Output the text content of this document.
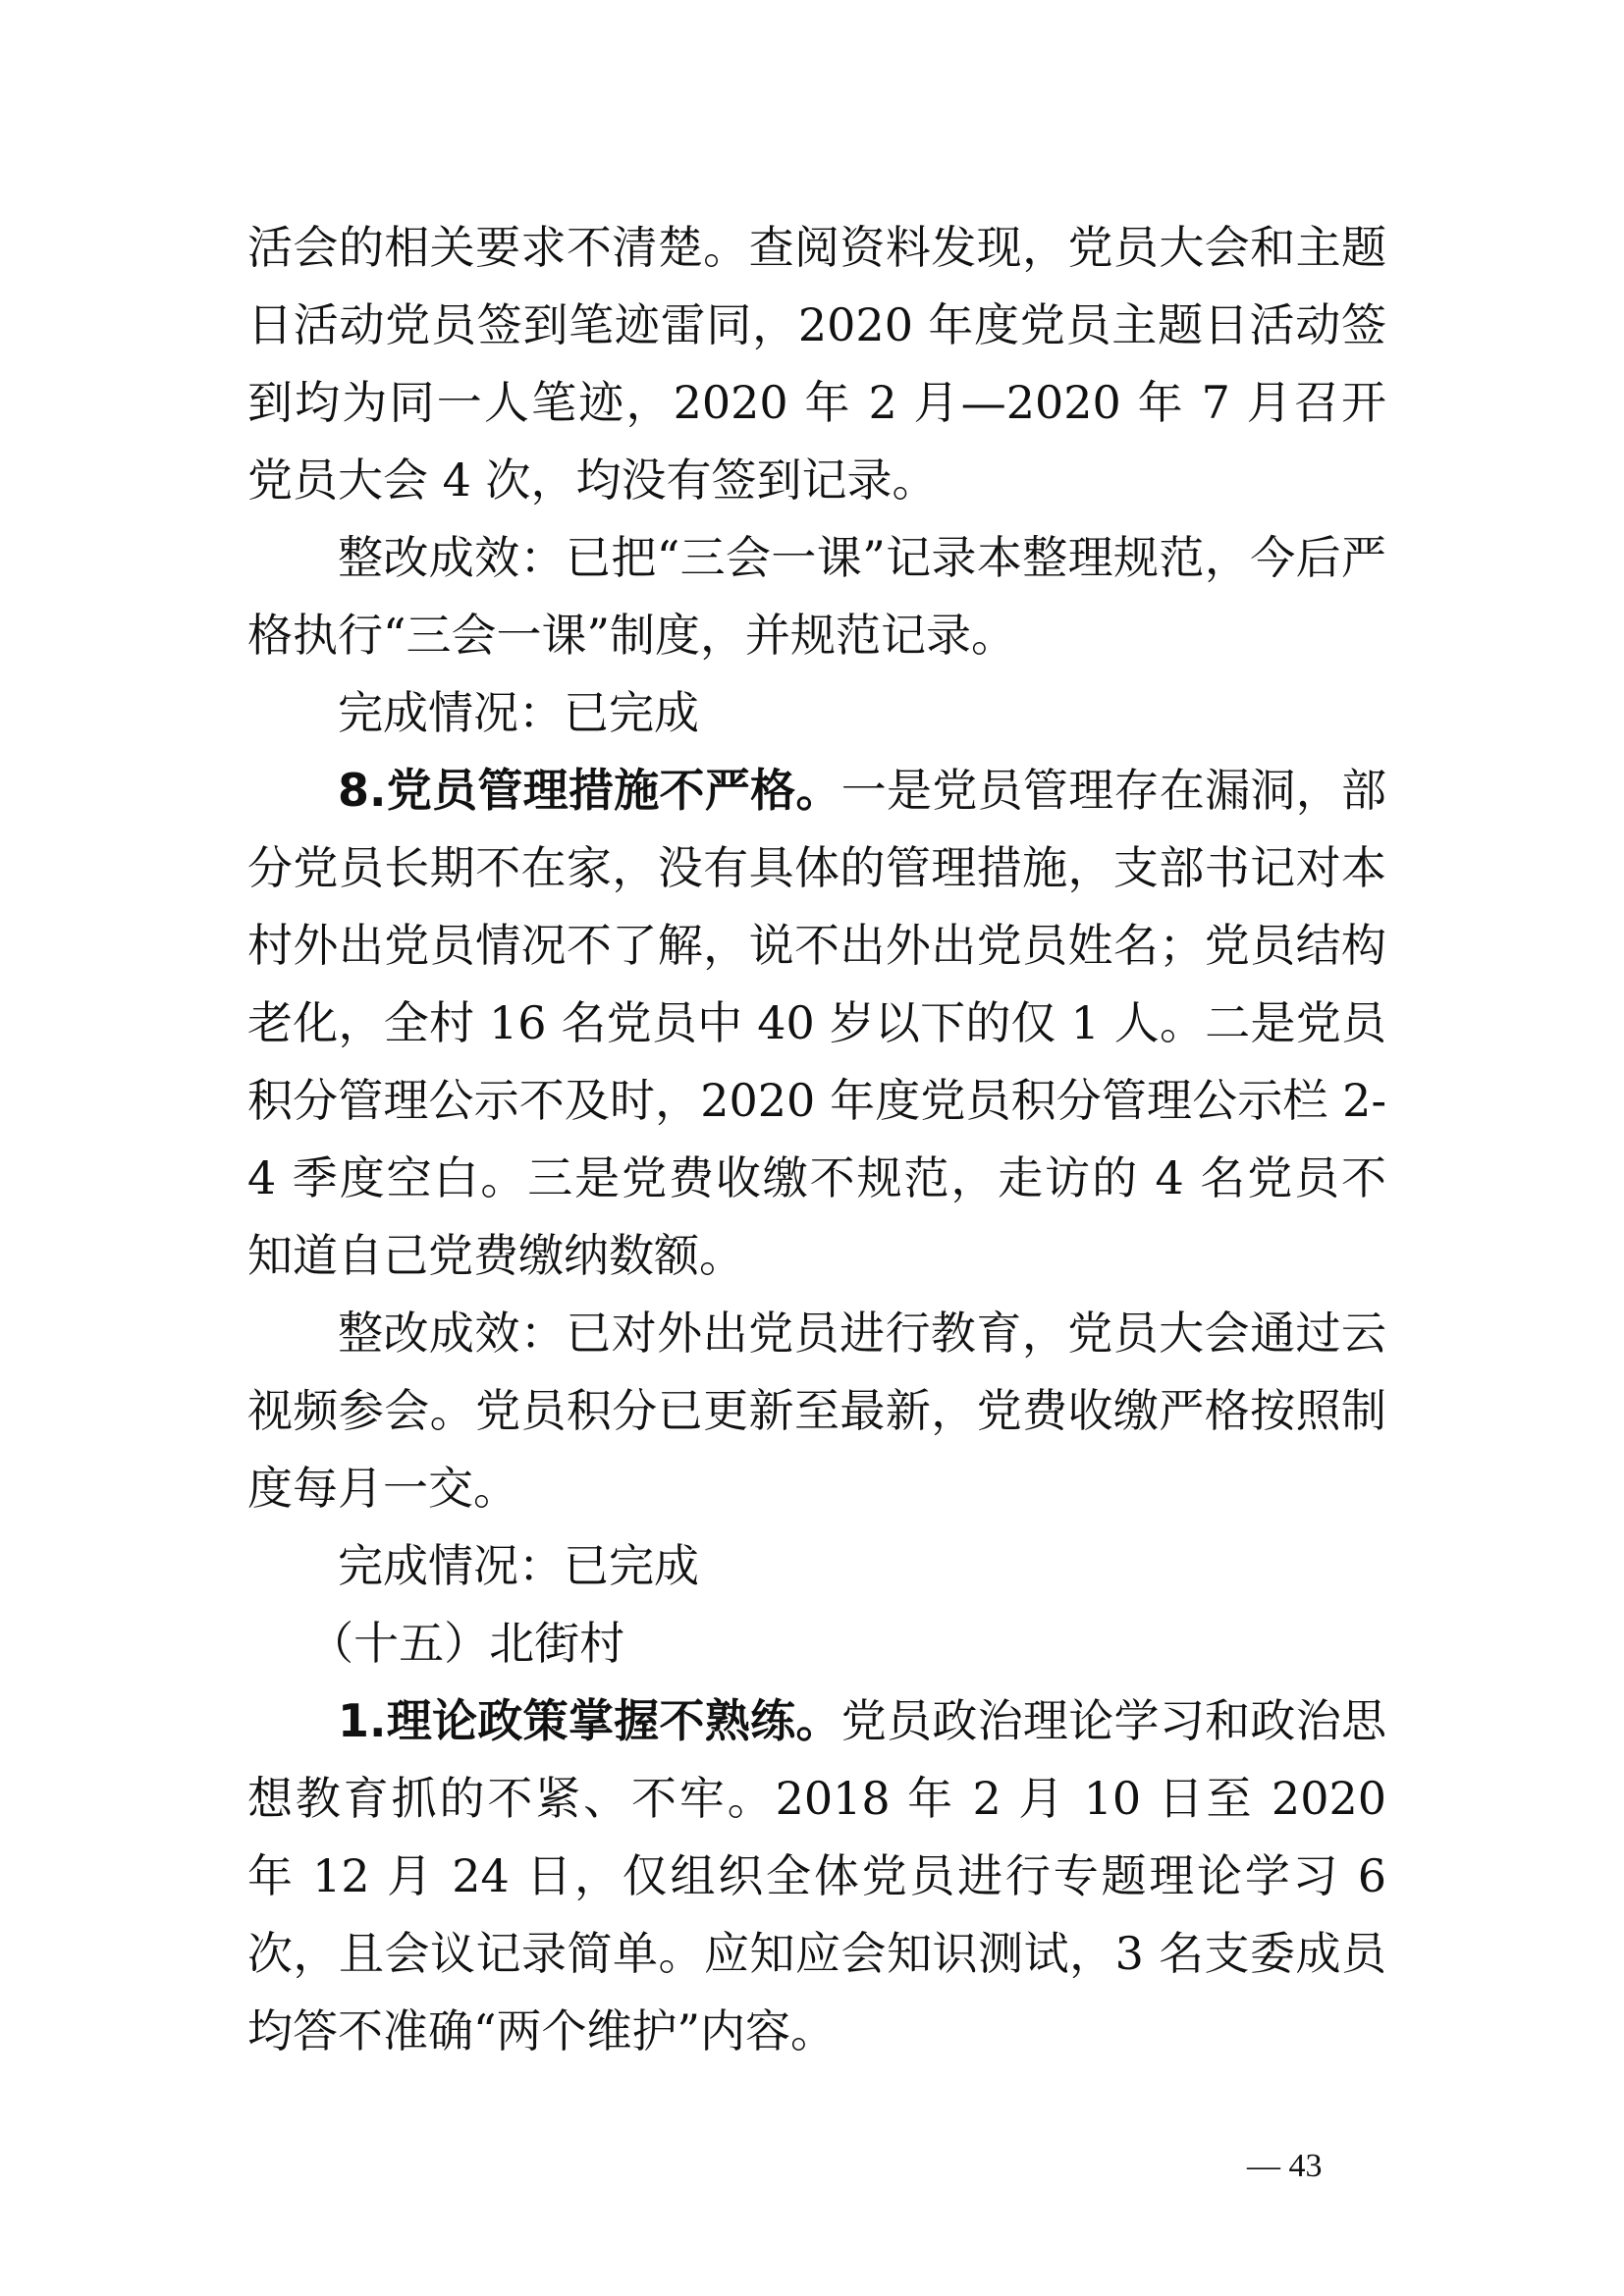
活会的相关要求不清楚。查阅资料发现，党员大会和主题日活动党员签到笔迹雷同，2020 年度党员主题日活动签到均为同一人笔迹，2020 年 2 月—2020 年 7 月召开党员大会 4 次，均没有签到记录。

整改成效：已把“三会一课”记录本整理规范，今后严格执行“三会一课”制度，并规范记录。

完成情况：已完成

8.党员管理措施不严格。一是党员管理存在漏洞，部分党员长期不在家，没有具体的管理措施，支部书记对本村外出党员情况不了解，说不出外出党员姓名；党员结构老化，全村 16 名党员中 40 岁以下的仅 1 人。二是党员积分管理公示不及时，2020 年度党员积分管理公示栏 2-4 季度空白。三是党费收缴不规范，走访的 4 名党员不知道自己党费缴纳数额。

整改成效：已对外出党员进行教育，党员大会通过云视频参会。党员积分已更新至最新，党费收缴严格按照制度每月一交。

完成情况：已完成

（十五）北街村

1.理论政策掌握不熟练。党员政治理论学习和政治思想教育抓的不紧、不牢。2018 年 2 月 10 日至 2020 年 12 月 24 日，仅组织全体党员进行专题理论学习 6 次，且会议记录简单。应知应会知识测试，3 名支委成员均答不准确“两个维护”内容。

— 43
